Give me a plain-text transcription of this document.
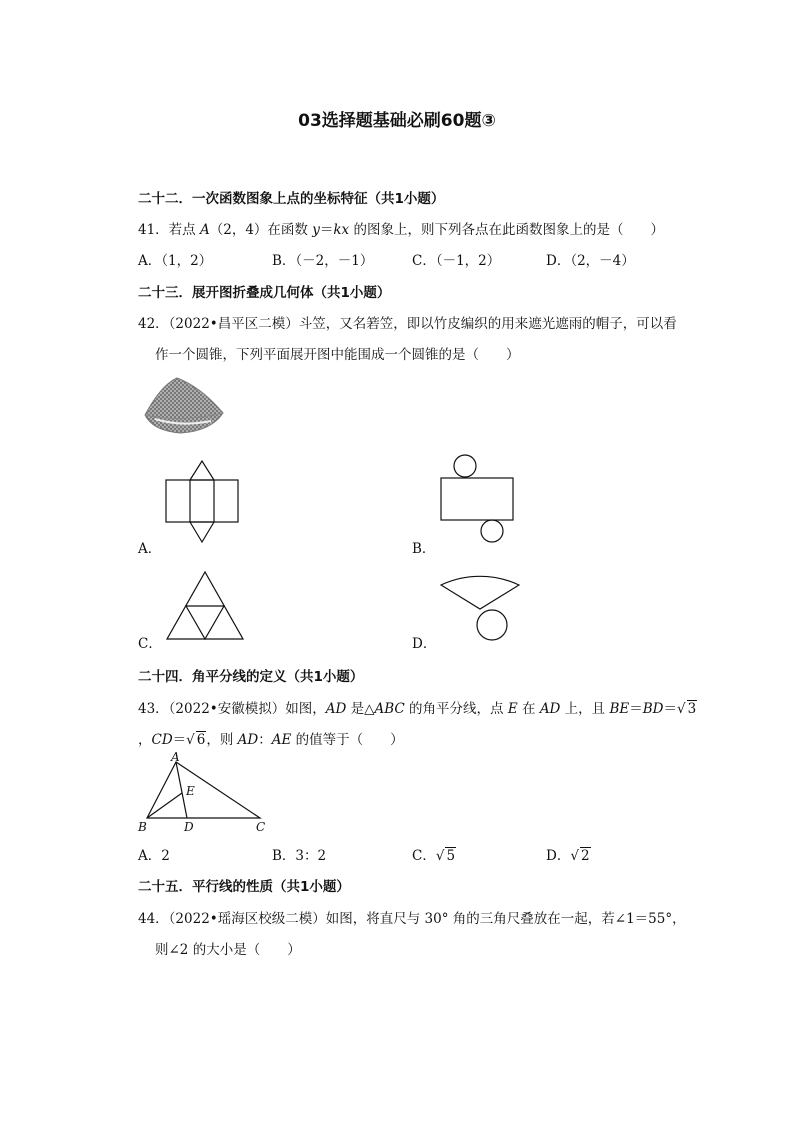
03选择题基础必刷60题③
二十二．一次函数图象上点的坐标特征（共1小题）
41．若点 A（2，4）在函数 y＝kx 的图象上，则下列各点在此函数图象上的是（　　）
A．（1，2）	B．（－2，－1）	C．（－1，2）	D．（2，－4）
二十三．展开图折叠成几何体（共1小题）
42．（2022•昌平区二模）斗笠，又名箬笠，即以竹皮编织的用来遮光遮雨的帽子，可以看
作一个圆锥，下列平面展开图中能围成一个圆锥的是（　　）
A．	B．
C．	D．
二十四．角平分线的定义（共1小题）
43．（2022•安徽模拟）如图，AD 是△ABC 的角平分线，点 E 在 AD 上，且 BE＝BD＝√ 3
，CD＝√ 6，则 AD：AE 的值等于（　　）
A
B	C
D
E
A．2	B．3：2	C．√ 5	D．√ 2
二十五．平行线的性质（共1小题）
44．（2022•瑶海区校级二模）如图，将直尺与 30° 角的三角尺叠放在一起，若∠1＝55°，
则∠2 的大小是（　　）
